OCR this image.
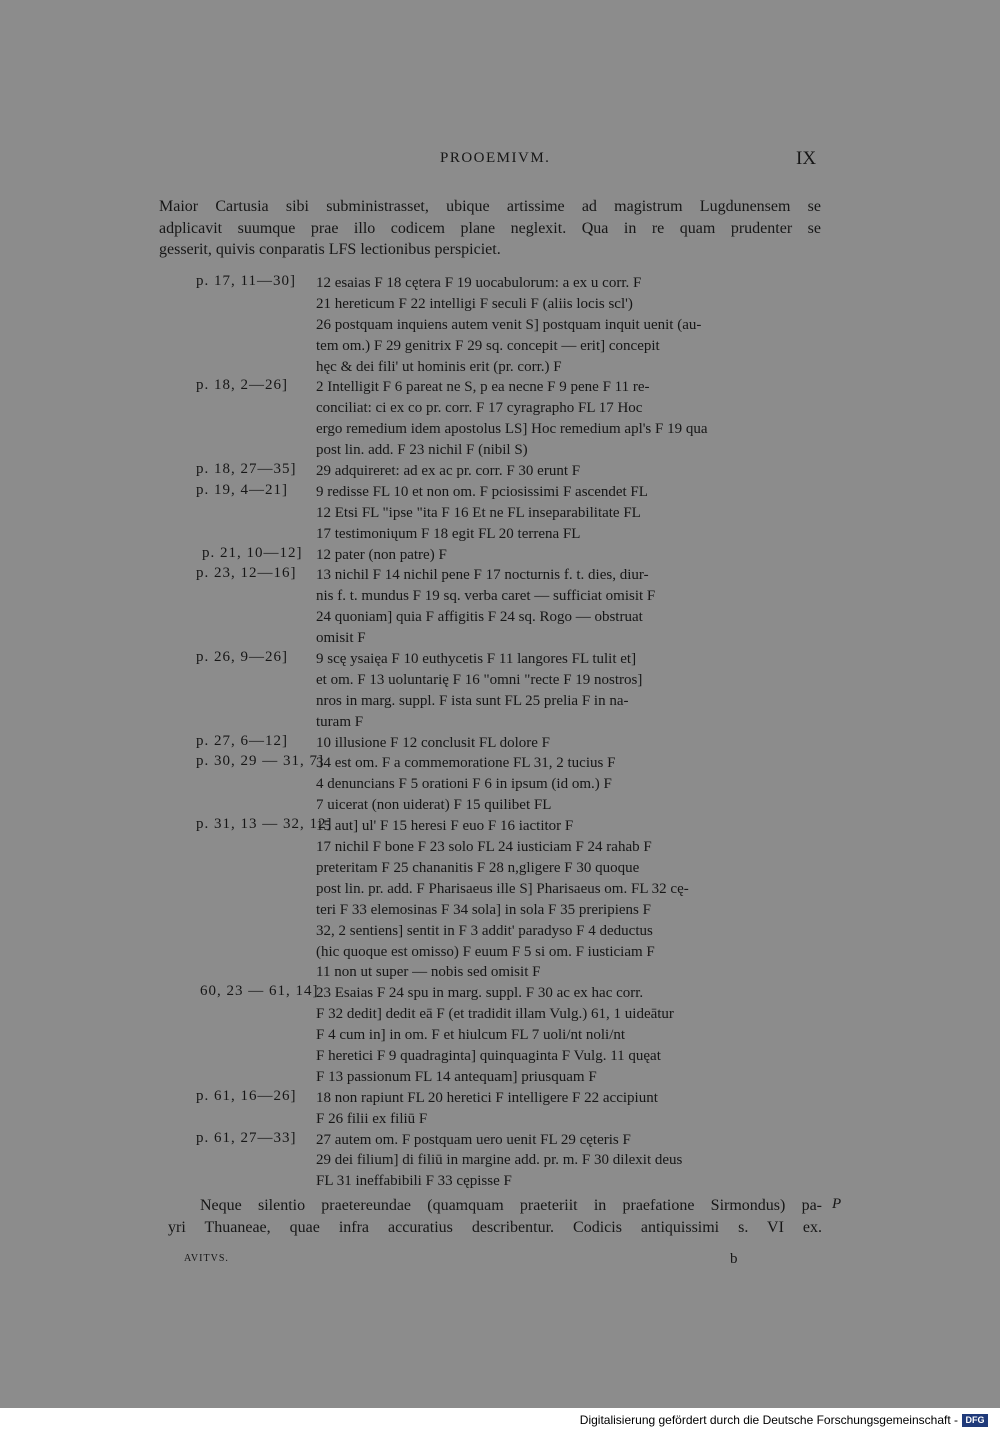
PROOEMIVM.	IX
Maior Cartusia sibi subministrasset, ubique artissime ad magistrum Lugdunensem se
adplicavit suumque prae illo codicem plane neglexit. Qua in re quam prudenter se
gesserit, quivis conparatis LFS lectionibus perspiciet.
p. 17, 11—30] 12 esaias F 18 cętera F 19 uocabulorum: a ex u corr. F
21 hereticum F 22 intelligi F seculi F (aliis locis scl')
26 postquam inquiens autem venit S] postquam inquit uenit (au-
tem om.) F 29 genitrix F 29 sq. concepit — erit] concepit
hęc & dei fili' ut hominis erit (pr. corr.) F
p. 18, 2—26] 2 Intelligit F 6 pareat ne S, p ea necne F 9 pene F 11 re-
conciliat: ci ex co pr. corr. F 17 cyragrapho FL 17 Hoc
ergo remedium idem apostolus LS] Hoc remedium apl's F 19 qua
post lin. add. F 23 nichil F (nibil S)
p. 18, 27—35] 29 adquireret: ad ex ac pr. corr. F 30 erunt F
p. 19, 4—21] 9 redisse FL 10 et non om. F pciosissimi F ascendet FL
12 Etsi FL "ipse "ita F 16 Et ne FL inseparabilitate FL
17 testimoniųum F 18 egit FL 20 terrena FL
p. 21, 10—12] 12 pater (non patre) F
p. 23, 12—16] 13 nichil F 14 nichil pene F 17 nocturnis f. t. dies, diur-
nis f. t. mundus F 19 sq. verba caret — sufficiat omisit F
24 quoniam] quia F affigitis F 24 sq. Rogo — obstruat
omisit F
p. 26, 9—26] 9 scę ysaięa F 10 euthycetis F 11 langores FL tulit et]
et om. F 13 uoluntarię F 16 "omni "recte F 19 nostros]
nros in marg. suppl. F ista sunt FL 25 prelia F in na-
turam F
p. 27, 6—12] 10 illusione F 12 conclusit FL dolore F
p. 30, 29 — 31, 7]
34 est om. F a commemoratione FL 31, 2 tucius F
4 denuncians F 5 orationi F 6 in ipsum (id om.) F
7 uicerat (non uiderat) F 15 quilibet FL
p. 31, 13 — 32, 12]
15 aut] ul' F 15 heresi F euo F 16 iactitor F
17 nichil F bone F 23 solo FL 24 iusticiam F 24 rahab F
preteritam F 25 chananitis F 28 n,gligere F 30 quoque
post lin. pr. add. F Pharisaeus ille S] Pharisaeus om. FL 32 cę-
teri F 33 elemosinas F 34 sola] in sola F 35 preripiens F
32, 2 sentiens] sentit in F 3 addit' paradyso F 4 deductus
(hic quoque est omisso) F euum F 5 si om. F iusticiam F
11 non ut super — nobis sed omisit F
60, 23 — 61, 14]
23 Esaias F 24 spu in marg. suppl. F 30 ac ex hac corr.
F 32 dedit] dedit eā F (et tradidit illam Vulg.) 61, 1 uideātur
F 4 cum in] in om. F et hiulcum FL 7 uoli/nt noli/nt
F heretici F 9 quadraginta] quinquaginta F Vulg. 11 quęat
F 13 passionum FL 14 antequam] priusquam F
p. 61, 16—26] 18 non rapiunt FL 20 heretici F intelligere F 22 accipiunt
F 26 filii ex filiū F
p. 61, 27—33] 27 autem om. F postquam uero uenit FL 29 cęteris F
29 dei filium] di filiū in margine add. pr. m. F 30 dilexit deus
FL 31 ineffabibili F 33 cępisse F
Neque silentio praetereundae (quamquam praeteriit in praefatione Sirmondus) pa-
yri Thuaneae, quae infra accuratius describentur. Codicis antiquissimi s. VI ex.
P
AVITVS.	b
Digitalisierung gefördert durch die Deutsche Forschungsgemeinschaft - DFG
